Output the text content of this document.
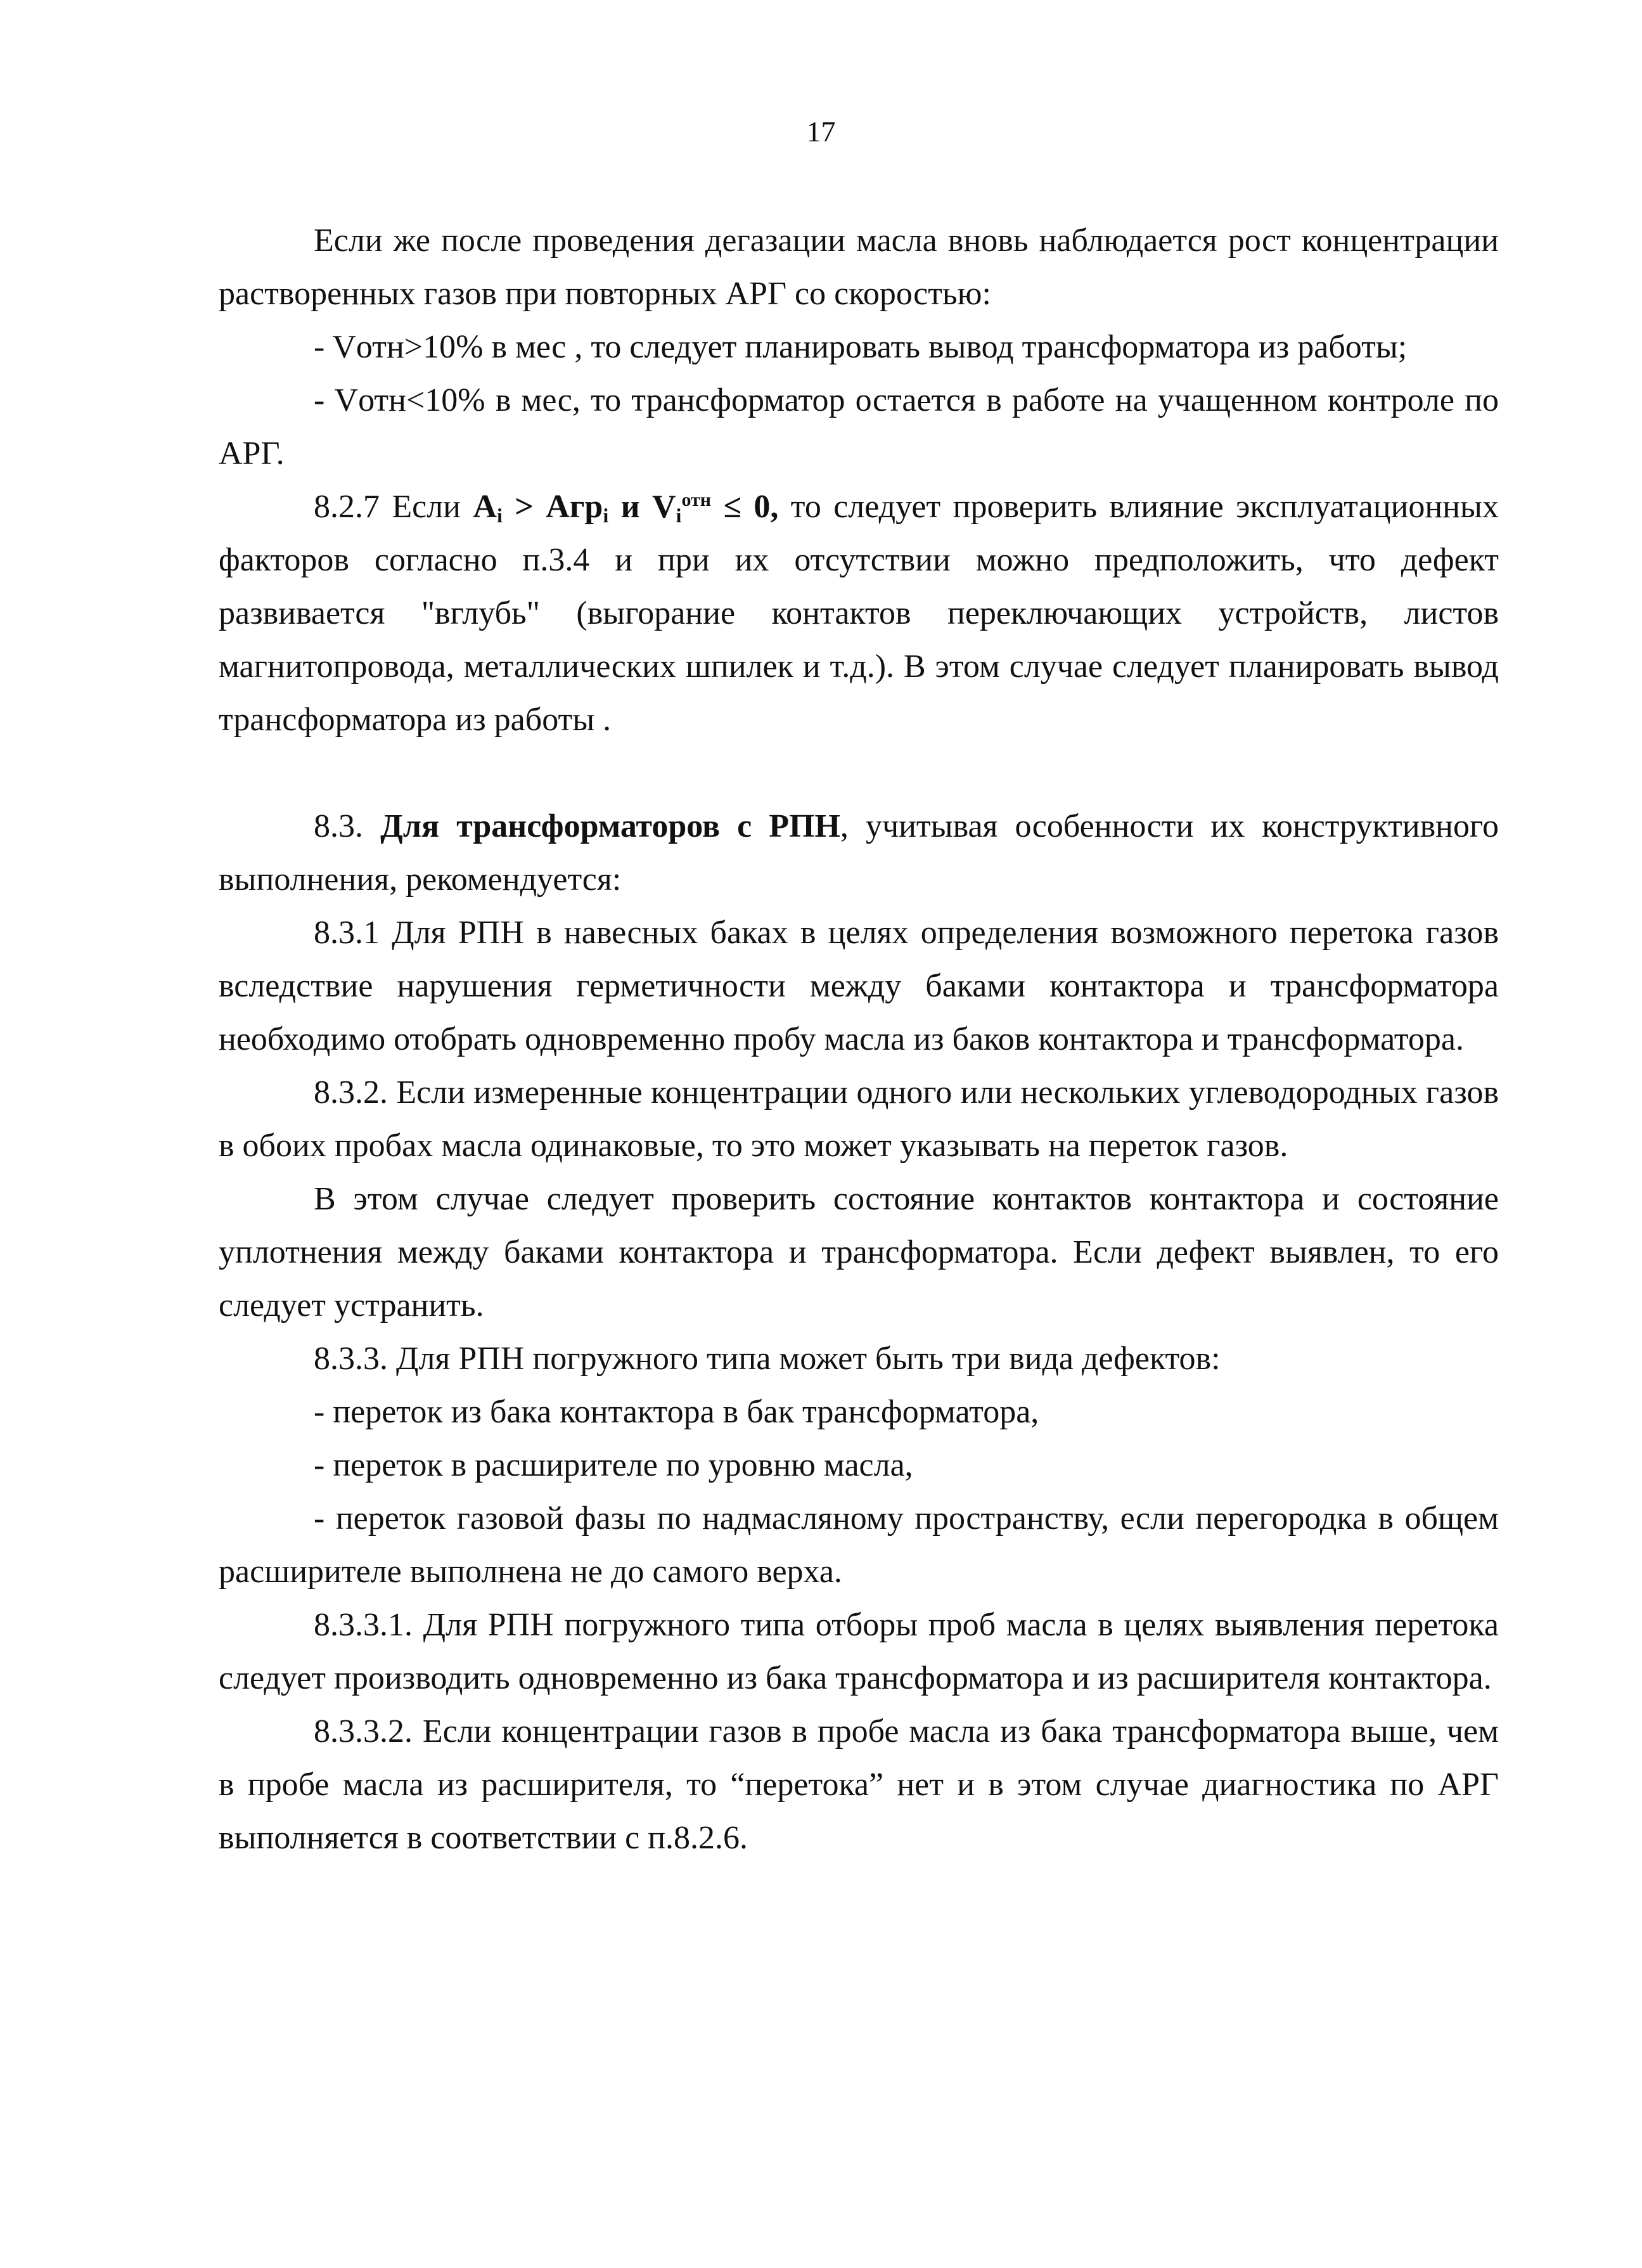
17

Если же после проведения дегазации масла вновь наблюдается рост концентрации растворенных газов при повторных АРГ со скоростью:

- Vотн>10% в мес , то следует планировать вывод трансформатора из работы;

- Vотн<10% в мес, то трансформатор остается в работе на учащенном контроле по АРГ.

8.2.7 Если $A_i > Агр_i$ и $V_i^{отн} \le 0$, то следует проверить влияние эксплуатационных факторов согласно п.3.4 и при их отсутствии можно предположить, что дефект развивается "вглубь" (выгорание контактов переключающих устройств, листов магнитопровода, металлических шпилек и т.д.). В этом случае следует планировать вывод трансформатора из работы .

8.3. Для трансформаторов с РПН, учитывая особенности их конструктивного выполнения, рекомендуется:

8.3.1 Для РПН в навесных баках в целях определения возможного перетока газов вследствие нарушения герметичности между баками контактора и трансформатора необходимо отобрать одновременно пробу масла из баков контактора и трансформатора.

8.3.2. Если измеренные концентрации одного или нескольких углеводородных газов в обоих пробах масла одинаковые, то это может указывать на переток газов.

В этом случае следует проверить состояние контактов контактора и состояние уплотнения между баками контактора и трансформатора. Если дефект выявлен, то его следует устранить.

8.3.3. Для РПН погружного типа может быть три вида дефектов:

- переток из бака контактора в бак трансформатора,

- переток в расширителе по уровню масла,

- переток газовой фазы по надмасляному пространству, если перегородка в общем расширителе выполнена не до самого верха.

8.3.3.1. Для РПН погружного типа отборы проб масла в целях выявления перетока следует производить одновременно из бака трансформатора и из расширителя контактора.

8.3.3.2. Если концентрации газов в пробе масла из бака трансформатора выше, чем в пробе масла из расширителя, то “перетока” нет и в этом случае диагностика по АРГ выполняется в соответствии с п.8.2.6.
